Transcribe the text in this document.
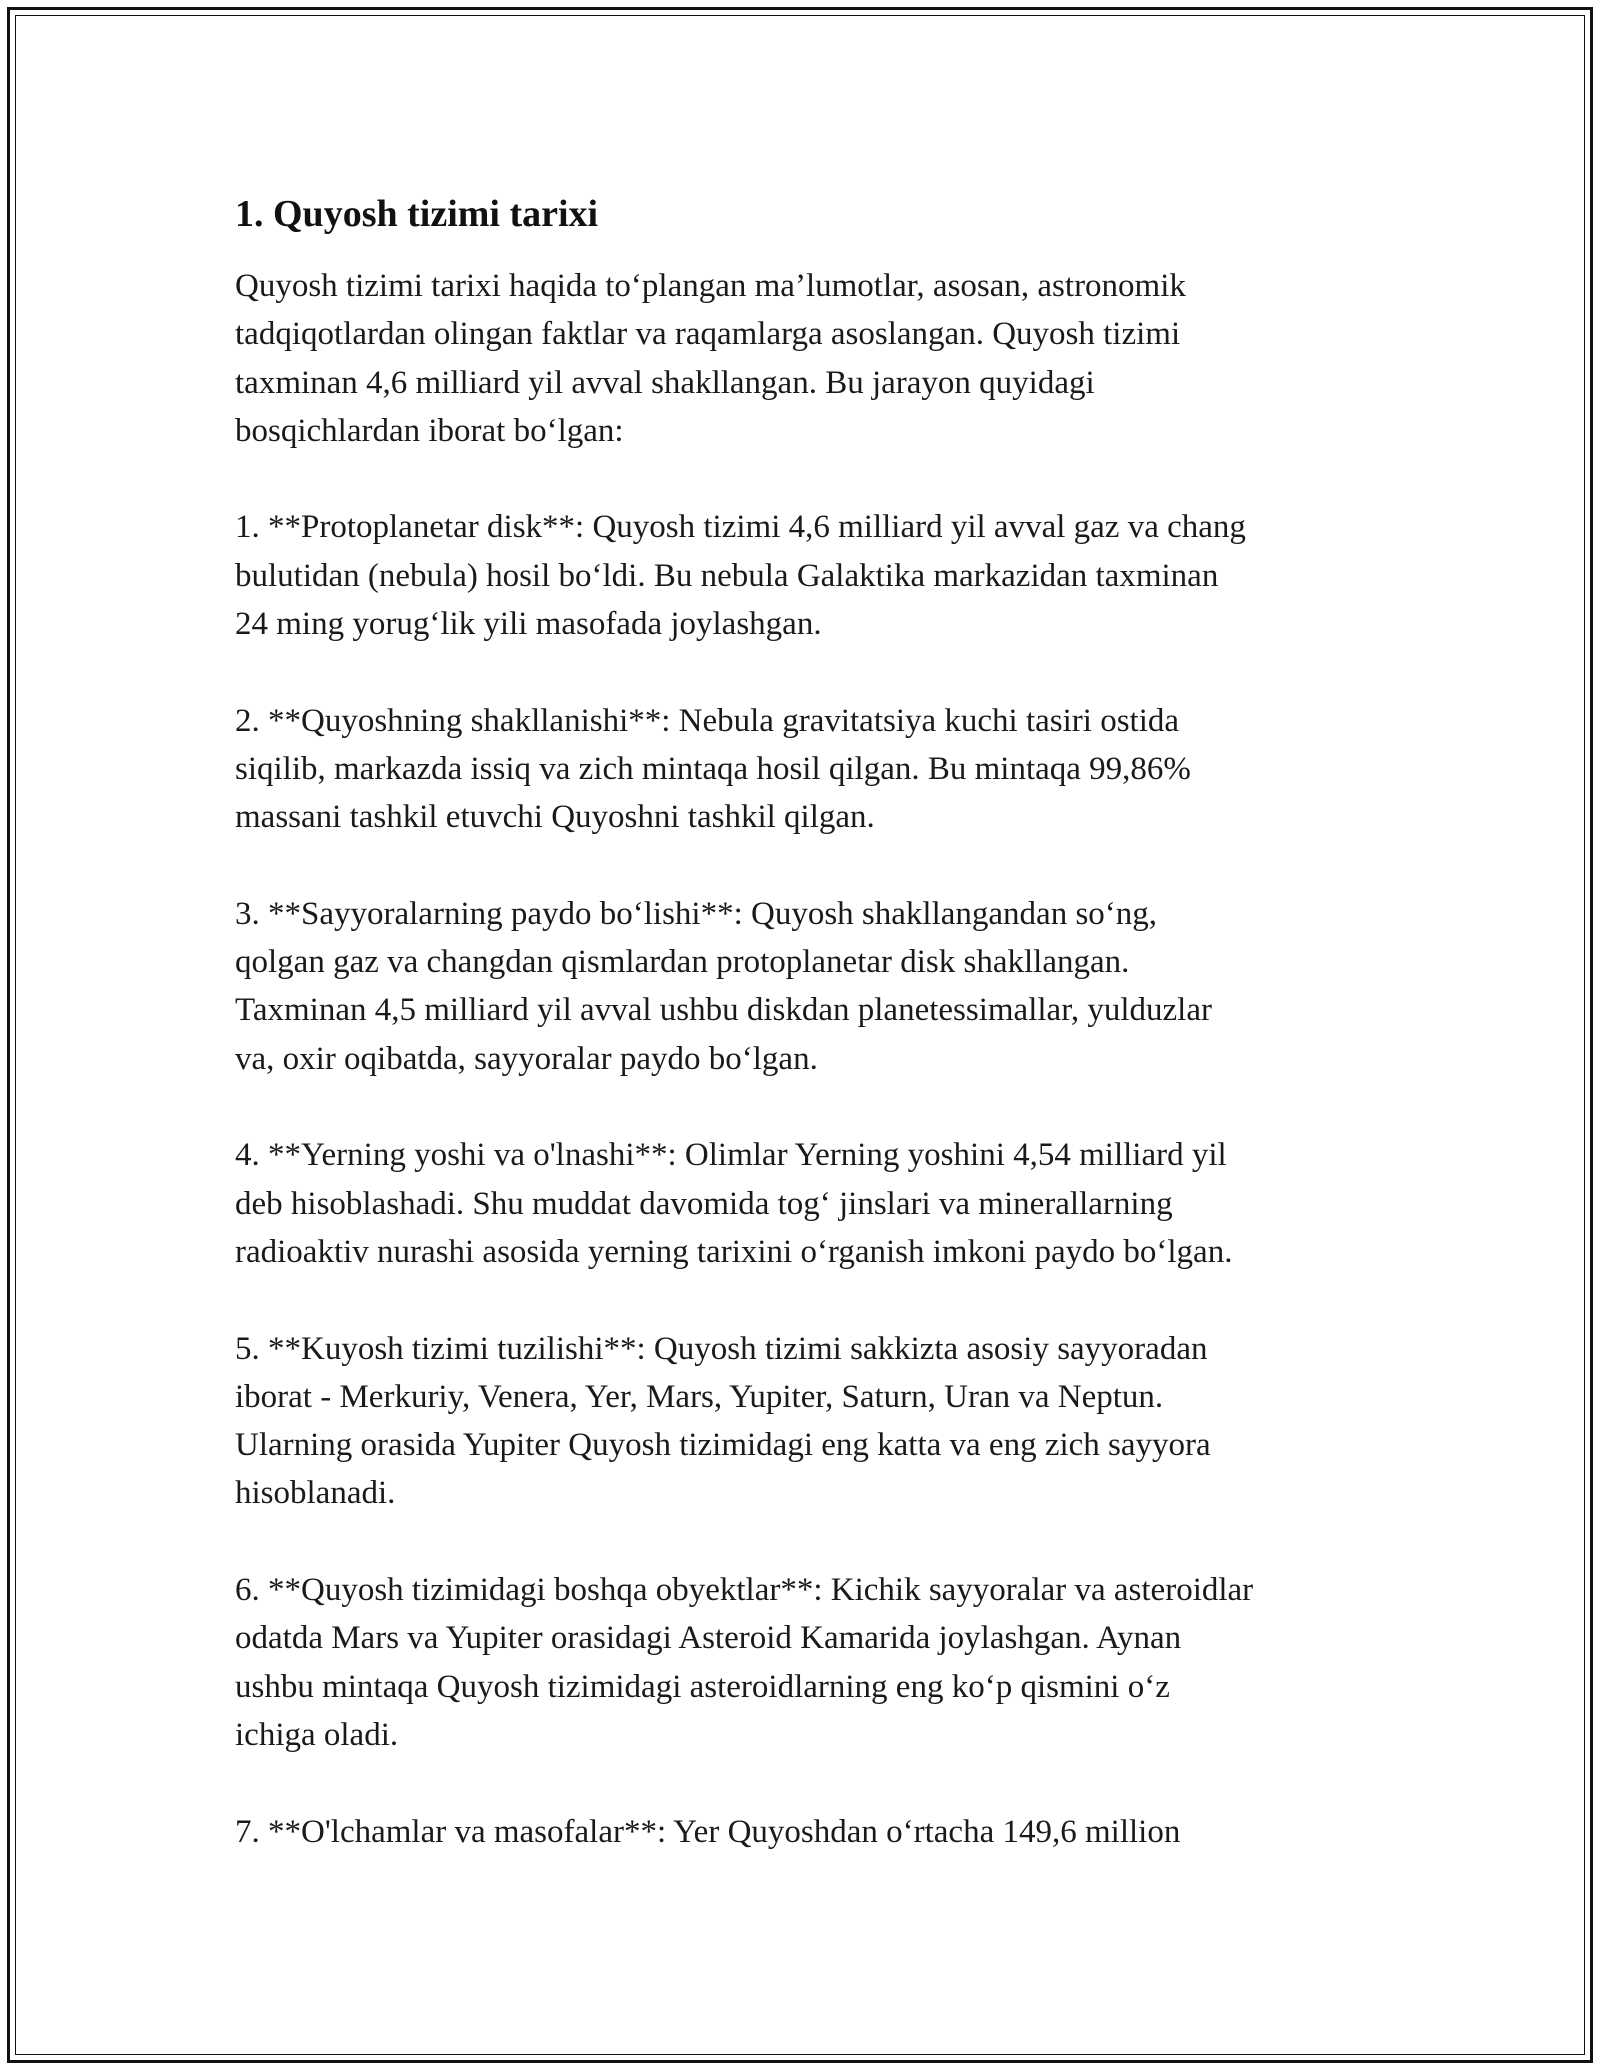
1. Quyosh tizimi tarixi

Quyosh tizimi tarixi haqida to‘plangan ma’lumotlar, asosan, astronomik
tadqiqotlardan olingan faktlar va raqamlarga asoslangan. Quyosh tizimi
taxminan 4,6 milliard yil avval shakllangan. Bu jarayon quyidagi
bosqichlardan iborat bo‘lgan:

1. **Protoplanetar disk**: Quyosh tizimi 4,6 milliard yil avval gaz va chang
bulutidan (nebula) hosil bo‘ldi. Bu nebula Galaktika markazidan taxminan
24 ming yorug‘lik yili masofada joylashgan.

2. **Quyoshning shakllanishi**: Nebula gravitatsiya kuchi tasiri ostida
siqilib, markazda issiq va zich mintaqa hosil qilgan. Bu mintaqa 99,86%
massani tashkil etuvchi Quyoshni tashkil qilgan.

3. **Sayyoralarning paydo bo‘lishi**: Quyosh shakllangandan so‘ng,
qolgan gaz va changdan qismlardan protoplanetar disk shakllangan.
Taxminan 4,5 milliard yil avval ushbu diskdan planetessimallar, yulduzlar
va, oxir oqibatda, sayyoralar paydo bo‘lgan.

4. **Yerning yoshi va o'lnashi**: Olimlar Yerning yoshini 4,54 milliard yil
deb hisoblashadi. Shu muddat davomida tog‘ jinslari va minerallarning
radioaktiv nurashi asosida yerning tarixini o‘rganish imkoni paydo bo‘lgan.

5. **Kuyosh tizimi tuzilishi**: Quyosh tizimi sakkizta asosiy sayyoradan
iborat - Merkuriy, Venera, Yer, Mars, Yupiter, Saturn, Uran va Neptun.
Ularning orasida Yupiter Quyosh tizimidagi eng katta va eng zich sayyora
hisoblanadi.

6. **Quyosh tizimidagi boshqa obyektlar**: Kichik sayyoralar va asteroidlar
odatda Mars va Yupiter orasidagi Asteroid Kamarida joylashgan. Aynan
ushbu mintaqa Quyosh tizimidagi asteroidlarning eng ko‘p qismini o‘z
ichiga oladi.

7. **O'lchamlar va masofalar**: Yer Quyoshdan o‘rtacha 149,6 million
